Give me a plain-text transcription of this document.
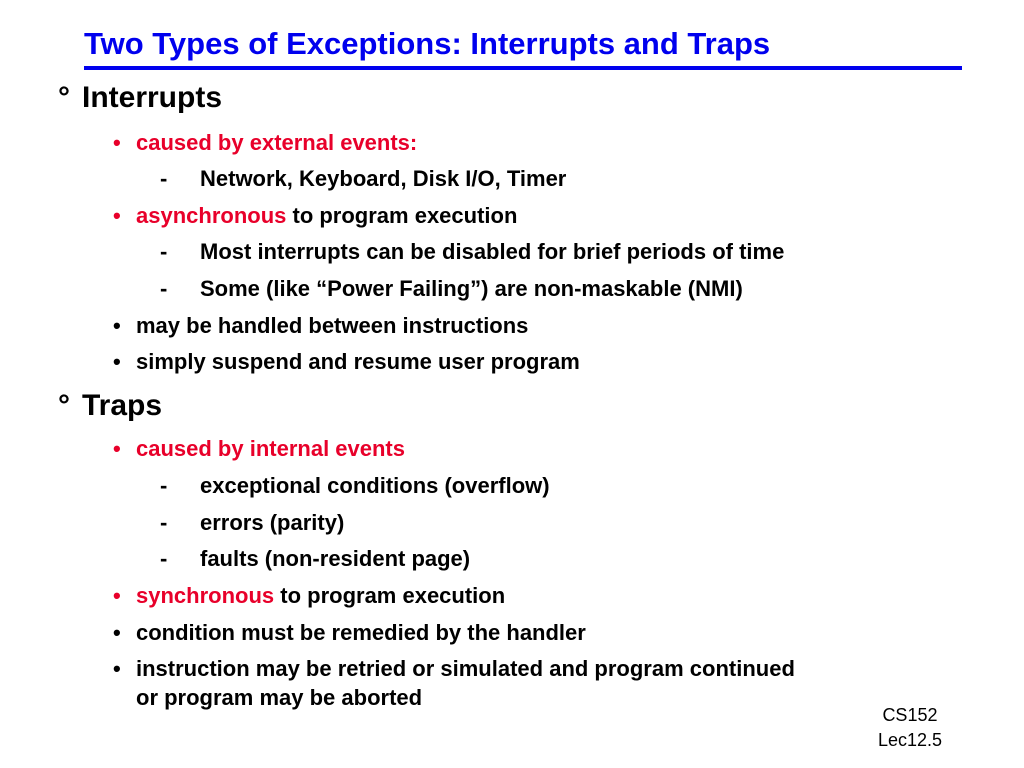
Two Types of Exceptions: Interrupts and Traps
° Interrupts
• caused by external events:
- Network, Keyboard, Disk I/O, Timer
• asynchronous to program execution
- Most interrupts can be disabled for brief periods of time
- Some (like “Power Failing”) are non-maskable (NMI)
• may be handled between instructions
• simply suspend and resume user program
° Traps
• caused by internal events
- exceptional conditions (overflow)
- errors (parity)
- faults (non-resident page)
• synchronous to program execution
• condition must be remedied by the handler
• instruction may be retried or simulated and program continued
or program may be aborted
CS152
Lec12.5
